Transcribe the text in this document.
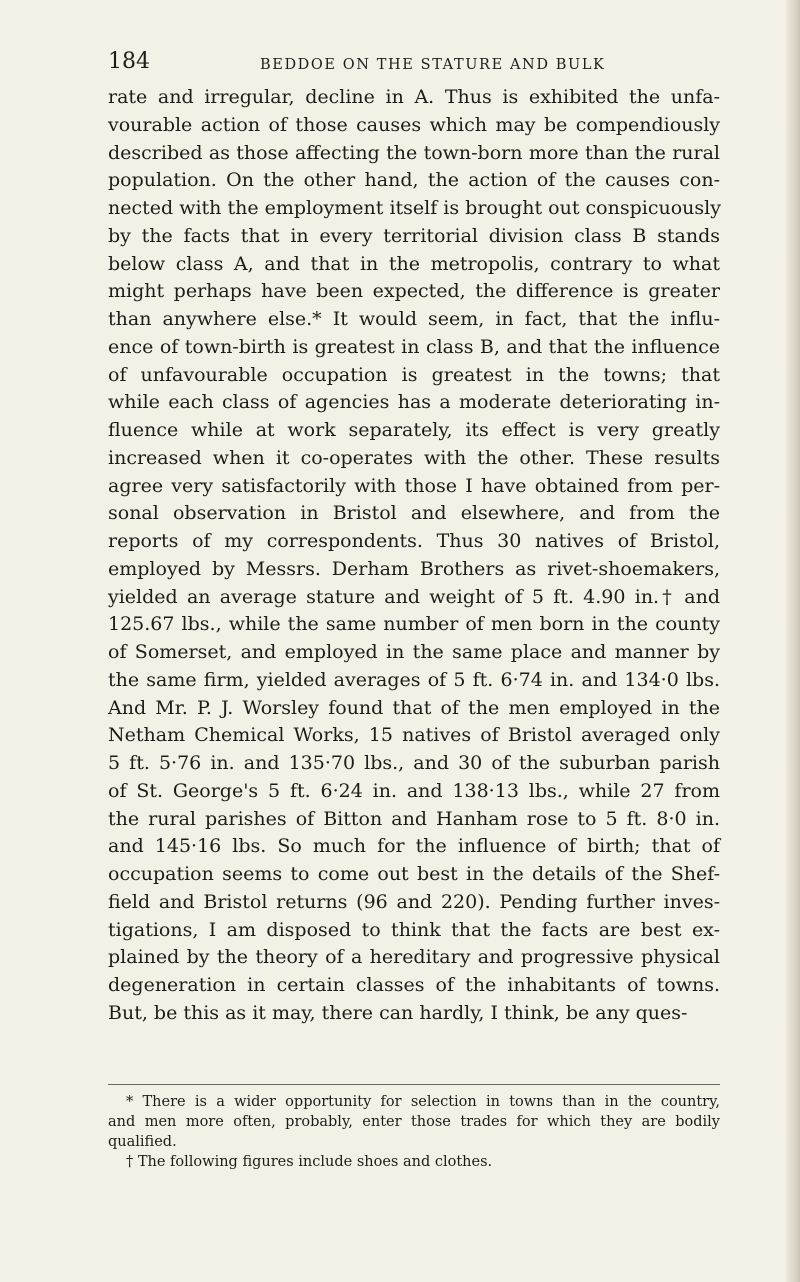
184	BEDDOE ON THE STATURE AND BULK
rate and irregular, decline in A. Thus is exhibited the unfa-
vourable action of those causes which may be compendiously
described as those affecting the town-born more than the rural
population. On the other hand, the action of the causes con-
nected with the employment itself is brought out conspicuously
by the facts that in every territorial division class B stands
below class A, and that in the metropolis, contrary to what
might perhaps have been expected, the difference is greater
than anywhere else.* It would seem, in fact, that the influ-
ence of town-birth is greatest in class B, and that the influence
of unfavourable occupation is greatest in the towns; that
while each class of agencies has a moderate deteriorating in-
fluence while at work separately, its effect is very greatly
increased when it co-operates with the other. These results
agree very satisfactorily with those I have obtained from per-
sonal observation in Bristol and elsewhere, and from the
reports of my correspondents. Thus 30 natives of Bristol,
employed by Messrs. Derham Brothers as rivet-shoemakers,
yielded an average stature and weight of 5 ft. 4.90 in.† and
125.67 lbs., while the same number of men born in the county
of Somerset, and employed in the same place and manner by
the same firm, yielded averages of 5 ft. 6·74 in. and 134·0 lbs.
And Mr. P. J. Worsley found that of the men employed in the
Netham Chemical Works, 15 natives of Bristol averaged only
5 ft. 5·76 in. and 135·70 lbs., and 30 of the suburban parish
of St. George's 5 ft. 6·24 in. and 138·13 lbs., while 27 from
the rural parishes of Bitton and Hanham rose to 5 ft. 8·0 in.
and 145·16 lbs. So much for the influence of birth; that of
occupation seems to come out best in the details of the Shef-
field and Bristol returns (96 and 220). Pending further inves-
tigations, I am disposed to think that the facts are best ex-
plained by the theory of a hereditary and progressive physical
degeneration in certain classes of the inhabitants of towns.
But, be this as it may, there can hardly, I think, be any ques-
* There is a wider opportunity for selection in towns than in the country,
and men more often, probably, enter those trades for which they are bodily
qualified.
† The following figures include shoes and clothes.
